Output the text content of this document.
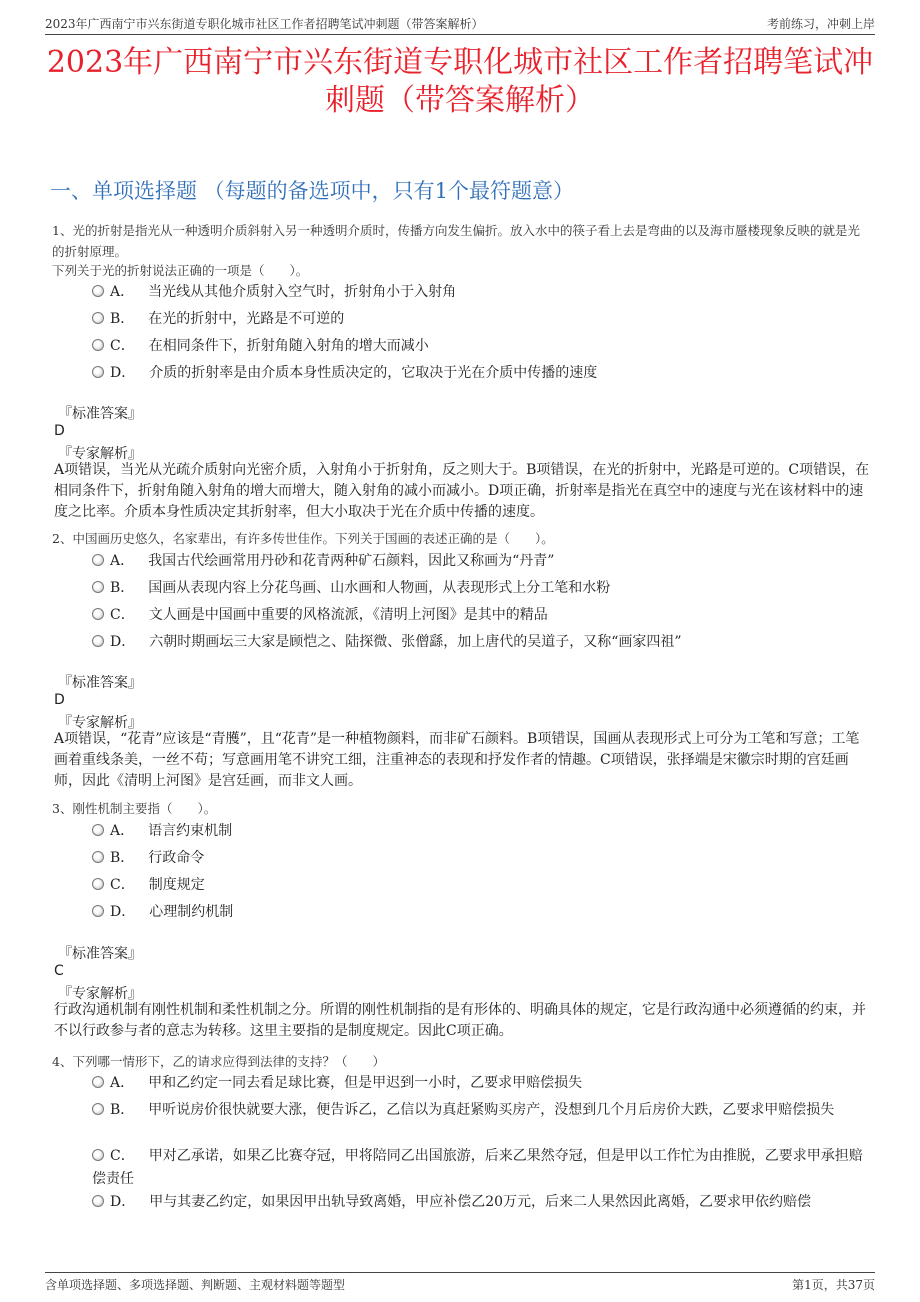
2023年广西南宁市兴东街道专职化城市社区工作者招聘笔试冲刺题（带答案解析）	考前练习，冲刺上岸
2023年广西南宁市兴东街道专职化城市社区工作者招聘笔试冲刺题（带答案解析）
一、单项选择题 （每题的备选项中，只有1个最符题意）

1、光的折射是指光从一种透明介质斜射入另一种透明介质时，传播方向发生偏折。放入水中的筷子看上去是弯曲的以及海市蜃楼现象反映的就是光的折射原理。

下列关于光的折射说法正确的一项是（　　）。

A． 当光线从其他介质射入空气时，折射角小于入射角
B． 在光的折射中，光路是不可逆的
C． 在相同条件下，折射角随入射角的增大而减小
D． 介质的折射率是由介质本身性质决定的，它取决于光在介质中传播的速度

『标准答案』

D

『专家解析』

A项错误，当光从光疏介质射向光密介质，入射角小于折射角，反之则大于。B项错误，在光的折射中，光路是可逆的。C项错误，在相同条件下，折射角随入射角的增大而增大，随入射角的减小而减小。D项正确，折射率是指光在真空中的速度与光在该材料中的速度之比率。介质本身性质决定其折射率，但大小取决于光在介质中传播的速度。

2、中国画历史悠久，名家辈出，有许多传世佳作。下列关于国画的表述正确的是（　　）。

A． 我国古代绘画常用丹砂和花青两种矿石颜料，因此又称画为“丹青”
B． 国画从表现内容上分花鸟画、山水画和人物画，从表现形式上分工笔和水粉
C． 文人画是中国画中重要的风格流派，《清明上河图》是其中的精品
D． 六朝时期画坛三大家是顾恺之、陆探微、张僧繇，加上唐代的吴道子，又称“画家四祖”

『标准答案』

D

『专家解析』

A项错误，“花青”应该是“青雘”，且“花青”是一种植物颜料，而非矿石颜料。B项错误，国画从表现形式上可分为工笔和写意；工笔画着重线条美，一丝不苟；写意画用笔不讲究工细，注重神态的表现和抒发作者的情趣。C项错误，张择端是宋徽宗时期的宫廷画师，因此《清明上河图》是宫廷画，而非文人画。

3、刚性机制主要指（　　）。

A． 语言约束机制
B． 行政命令
C． 制度规定
D． 心理制约机制

『标准答案』

C

『专家解析』

行政沟通机制有刚性机制和柔性机制之分。所谓的刚性机制指的是有形体的、明确具体的规定，它是行政沟通中必须遵循的约束，并不以行政参与者的意志为转移。这里主要指的是制度规定。因此C项正确。

4、下列哪一情形下，乙的请求应得到法律的支持？（　　）

A． 甲和乙约定一同去看足球比赛，但是甲迟到一小时，乙要求甲赔偿损失
B． 甲听说房价很快就要大涨，便告诉乙，乙信以为真赶紧购买房产，没想到几个月后房价大跌，乙要求甲赔偿损失
C． 甲对乙承诺，如果乙比赛夺冠，甲将陪同乙出国旅游，后来乙果然夺冠，但是甲以工作忙为由推脱，乙要求甲承担赔偿责任
D． 甲与其妻乙约定，如果因甲出轨导致离婚，甲应补偿乙20万元，后来二人果然因此离婚，乙要求甲依约赔偿
含单项选择题、多项选择题、判断题、主观材料题等题型	第1页，共37页
